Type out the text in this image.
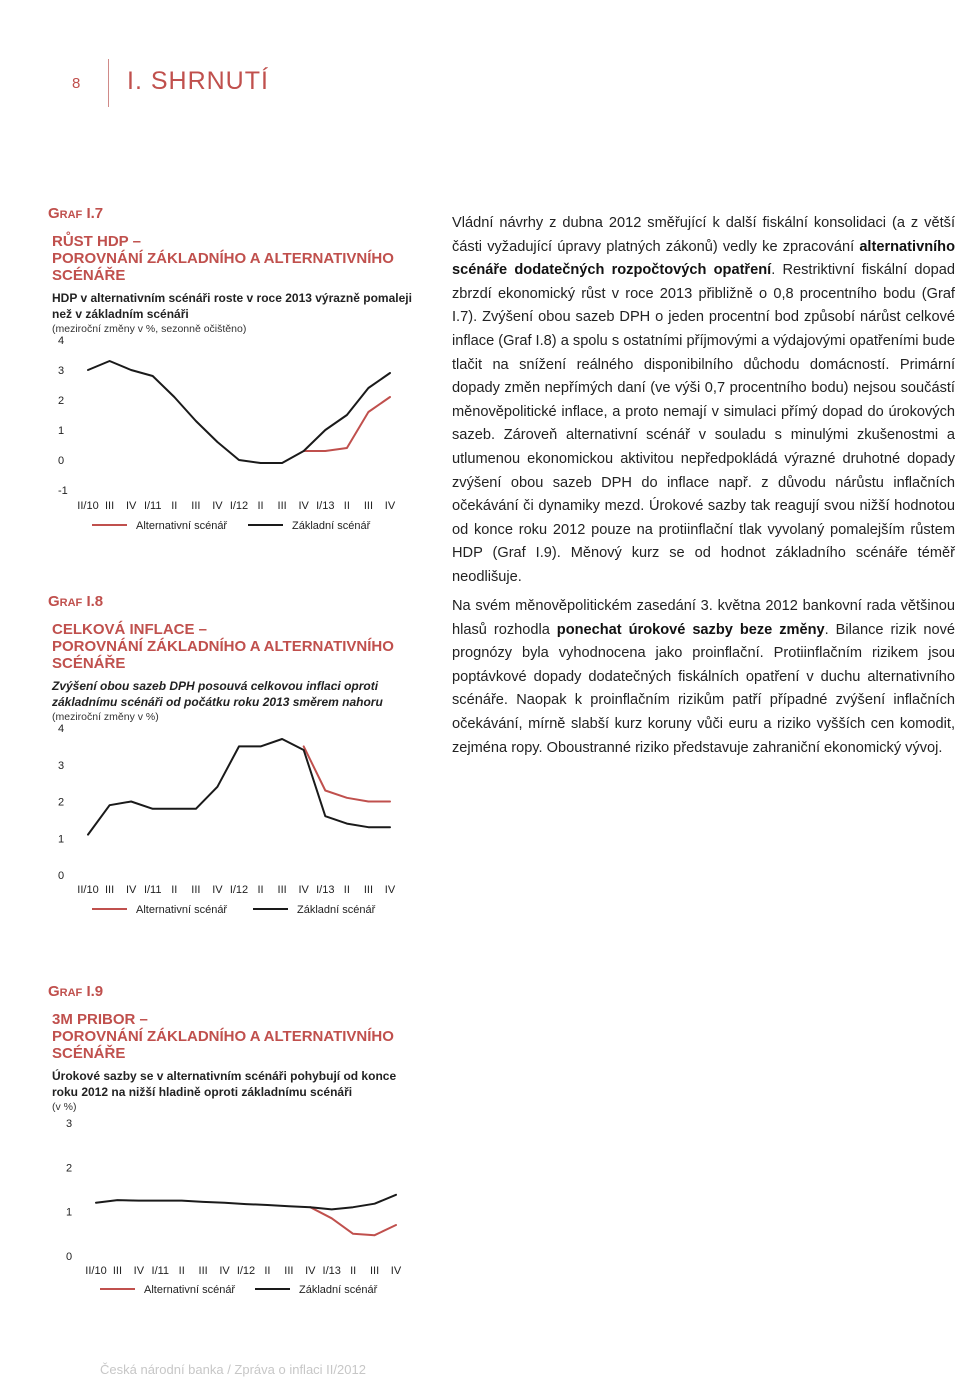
8 I. SHRNUTÍ
Graf I.7
RŮST HDP –
POROVNÁNÍ ZÁKLADNÍHO A ALTERNATIVNÍHO SCÉNÁŘE
HDP v alternativním scénáři roste v roce 2013 výrazně pomaleji než v základním scénáři
(meziroční změny v %, sezonně očištěno)
4
3
2
1
0
-1
II/10 III IV I/11 II III IV I/12 II III IV I/13 II III IV
Alternativní scénář	Základní scénář
Graf I.8
CELKOVÁ INFLACE –
POROVNÁNÍ ZÁKLADNÍHO A ALTERNATIVNÍHO SCÉNÁŘE
Zvýšení obou sazeb DPH posouvá celkovou inflaci oproti základnímu scénáři od počátku roku 2013 směrem nahoru
(meziroční změny v %)
4
3
2
1
0
II/10 III IV I/11 II III IV I/12 II III IV I/13 II III IV
Alternativní scénář	Základní scénář
Graf I.9
3M PRIBOR –
POROVNÁNÍ ZÁKLADNÍHO A ALTERNATIVNÍHO SCÉNÁŘE
Úrokové sazby se v alternativním scénáři pohybují od konce roku 2012 na nižší hladině oproti základnímu scénáři
(v %)
3
2
1
0
II/10 III IV I/11 II III IV I/12 II III IV I/13 II III IV
Alternativní scénář	Základní scénář

Vládní návrhy z dubna 2012 směřující k další fiskální konsolidaci (a z větší části vyžadující úpravy platných zákonů) vedly ke zpracování alternativního scénáře dodatečných rozpočtových opatření. Restriktivní fiskální dopad zbrzdí ekonomický růst v roce 2013 přibližně o 0,8 procentního bodu (Graf I.7). Zvýšení obou sazeb DPH o jeden procentní bod způsobí nárůst celkové inflace (Graf I.8) a spolu s ostatními příjmovými a výdajovými opatřeními bude tlačit na snížení reálného disponibilního důchodu domácností. Primární dopady změn nepřímých daní (ve výši 0,7 procentního bodu) nejsou součástí měnověpolitické inflace, a proto nemají v simulaci přímý dopad do úrokových sazeb. Zároveň alternativní scénář v souladu s minulými zkušenostmi a utlumenou ekonomickou aktivitou nepředpokládá výrazné druhotné dopady zvýšení obou sazeb DPH do inflace např. z důvodu nárůstu inflačních očekávání či dynamiky mezd. Úrokové sazby tak reagují svou nižší hodnotou od konce roku 2012 pouze na protiinflační tlak vyvolaný pomalejším růstem HDP (Graf I.9). Měnový kurz se od hodnot základního scénáře téměř neodlišuje.

Na svém měnověpolitickém zasedání 3. května 2012 bankovní rada většinou hlasů rozhodla ponechat úrokové sazby beze změny. Bilance rizik nové prognózy byla vyhodnocena jako proinflační. Protiinflačním rizikem jsou poptávkové dopady dodatečných fiskálních opatření v duchu alternativního scénáře. Naopak k proinflačním rizikům patří případné zvýšení inflačních očekávání, mírně slabší kurz koruny vůči euru a riziko vyšších cen komodit, zejména ropy. Oboustranné riziko představuje zahraniční ekonomický vývoj.

Česká národní banka / Zpráva o inflaci II/2012
